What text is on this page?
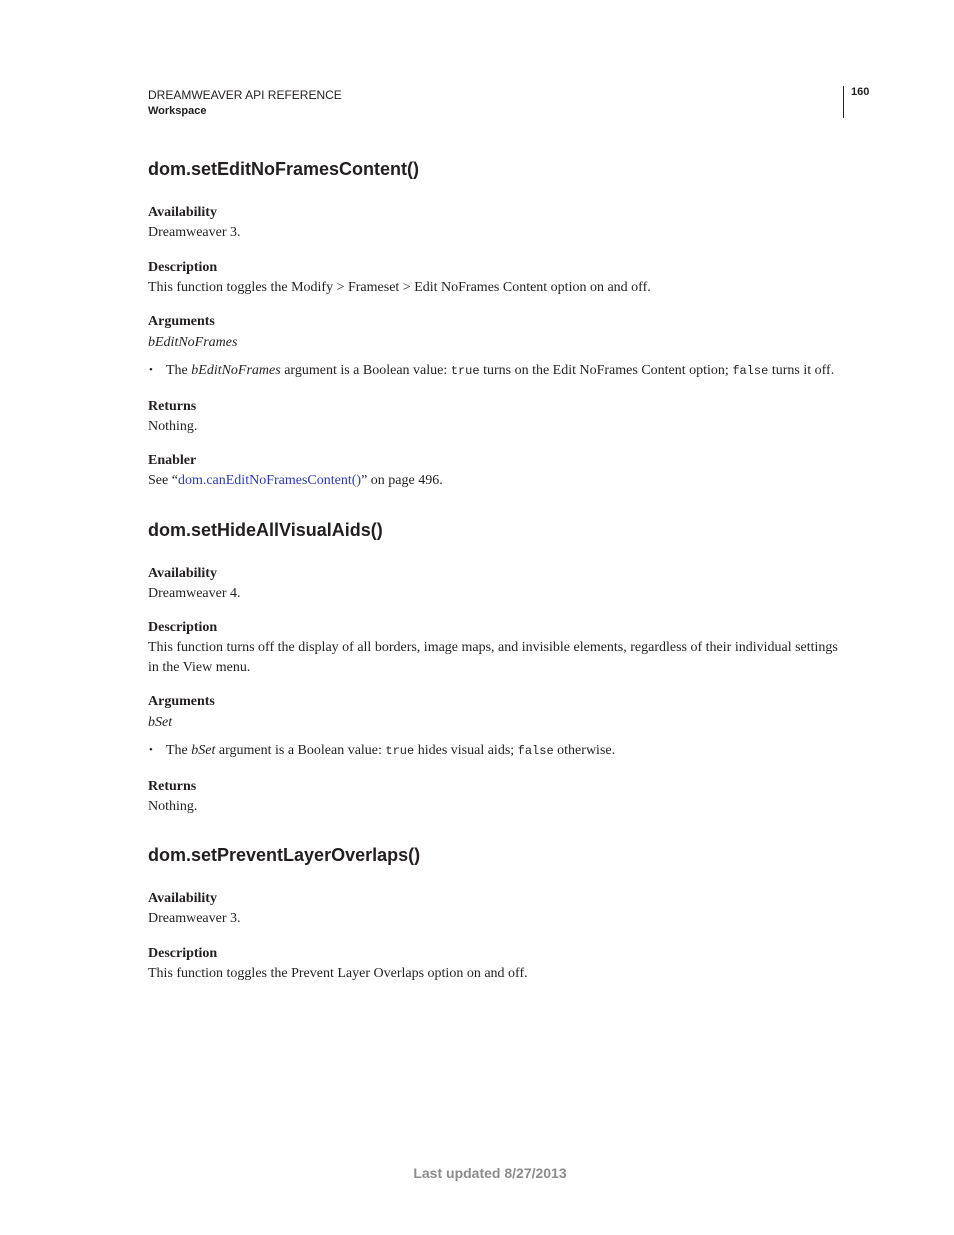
DREAMWEAVER API REFERENCE
Workspace
160
dom.setEditNoFramesContent()
Availability

Dreamweaver 3.

Description

This function toggles the Modify > Frameset > Edit NoFrames Content option on and off.

Arguments

bEditNoFrames

• The bEditNoFrames argument is a Boolean value: true turns on the Edit NoFrames Content option; false turns it off.
Returns

Nothing.

Enabler

See “dom.canEditNoFramesContent()” on page 496.

dom.setHideAllVisualAids()
Availability

Dreamweaver 4.

Description

This function turns off the display of all borders, image maps, and invisible elements, regardless of their individual settings in the View menu.

Arguments

bSet

• The bSet argument is a Boolean value: true hides visual aids; false otherwise.
Returns

Nothing.

dom.setPreventLayerOverlaps()
Availability

Dreamweaver 3.

Description

This function toggles the Prevent Layer Overlaps option on and off.

Last updated 8/27/2013
